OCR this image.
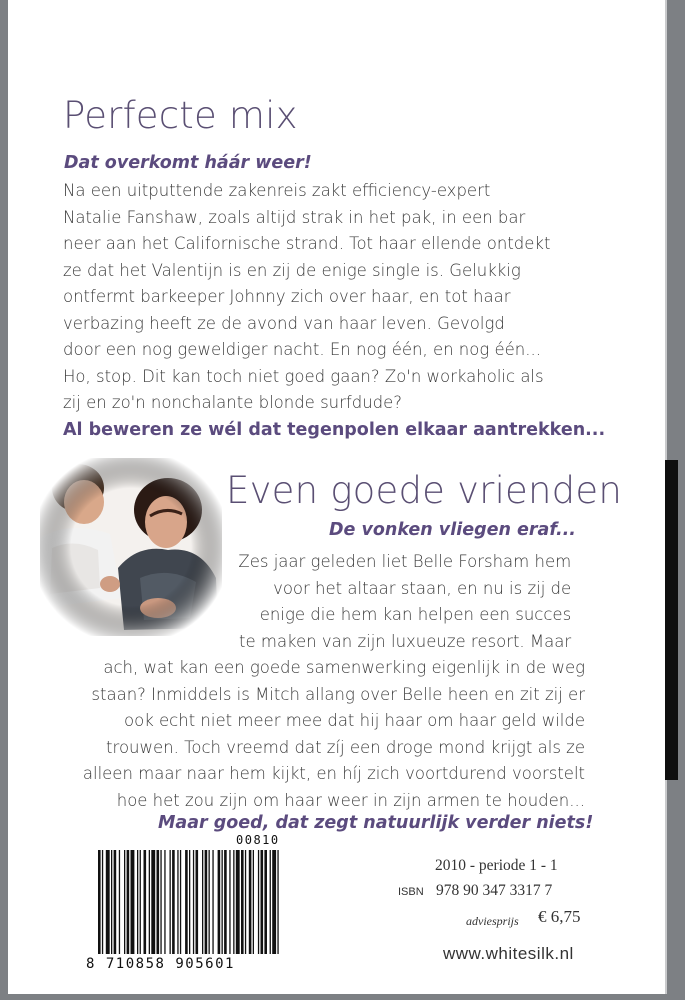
Perfecte mix
Dat overkomt háár weer!
Na een uitputtende zakenreis zakt efficiency-expert
Natalie Fanshaw, zoals altijd strak in het pak, in een bar
neer aan het Californische strand. Tot haar ellende ontdekt
ze dat het Valentijn is en zij de enige single is. Gelukkig
ontfermt barkeeper Johnny zich over haar, en tot haar
verbazing heeft ze de avond van haar leven. Gevolgd
door een nog geweldiger nacht. En nog één, en nog één...
Ho, stop. Dit kan toch niet goed gaan? Zo'n workaholic als
zij en zo'n nonchalante blonde surfdude?
Al beweren ze wél dat tegenpolen elkaar aantrekken...
Even goede vrienden
De vonken vliegen eraf...
Zes jaar geleden liet Belle Forsham hem
voor het altaar staan, en nu is zij de
enige die hem kan helpen een succes
te maken van zijn luxueuze resort. Maar
ach, wat kan een goede samenwerking eigenlijk in de weg
staan? Inmiddels is Mitch allang over Belle heen en zit zij er
ook echt niet meer mee dat hij haar om haar geld wilde
trouwen. Toch vreemd dat zíj een droge mond krijgt als ze
alleen maar naar hem kijkt, en híj zich voortdurend voorstelt
hoe het zou zijn om haar weer in zijn armen te houden...
Maar goed, dat zegt natuurlijk verder niets!
00810
8 710858 905601
2010 - periode 1 - 1
ISBN 978 90 347 3317 7
adviesprijs € 6,75
www.whitesilk.nl
